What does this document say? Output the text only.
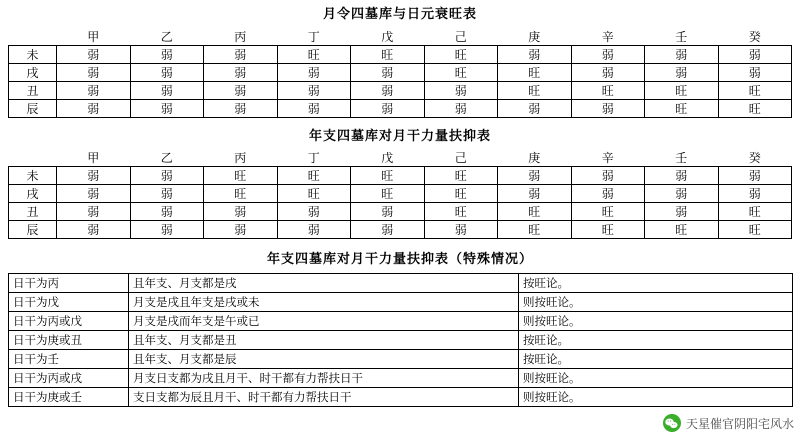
月令四墓库与日元衰旺表
	甲	乙	丙	丁	戊	己	庚	辛	壬	癸
未	弱	弱	弱	旺	旺	旺	弱	弱	弱	弱
戌	弱	弱	弱	弱	弱	旺	旺	弱	弱	弱
丑	弱	弱	弱	弱	弱	弱	旺	旺	旺	旺
辰	弱	弱	弱	弱	弱	弱	弱	弱	旺	旺
年支四墓库对月干力量扶抑表
	甲	乙	丙	丁	戊	己	庚	辛	壬	癸
未	弱	弱	旺	旺	旺	旺	弱	弱	弱	弱
戌	弱	弱	旺	旺	旺	旺	弱	弱	弱	弱
丑	弱	弱	弱	弱	弱	旺	旺	旺	弱	旺
辰	弱	弱	弱	弱	弱	弱	旺	旺	旺	旺
年支四墓库对月干力量扶抑表（特殊情况）
日干为丙	且年支、月支都是戌	按旺论。
日干为戊	月支是戌且年支是戌或未	则按旺论。
日干为丙或戊	月支是戌而年支是午或已	则按旺论。
日干为庚或丑	且年支、月支都是丑	按旺论。
日干为壬	且年支、月支都是辰	按旺论。
日干为丙或戌	月支日支都为戌且月干、时干都有力帮扶日干	则按旺论。
日干为庚或壬	支日支都为辰且月干、时干都有力帮扶日干	则按旺论。
天星催官阴阳宅风水
